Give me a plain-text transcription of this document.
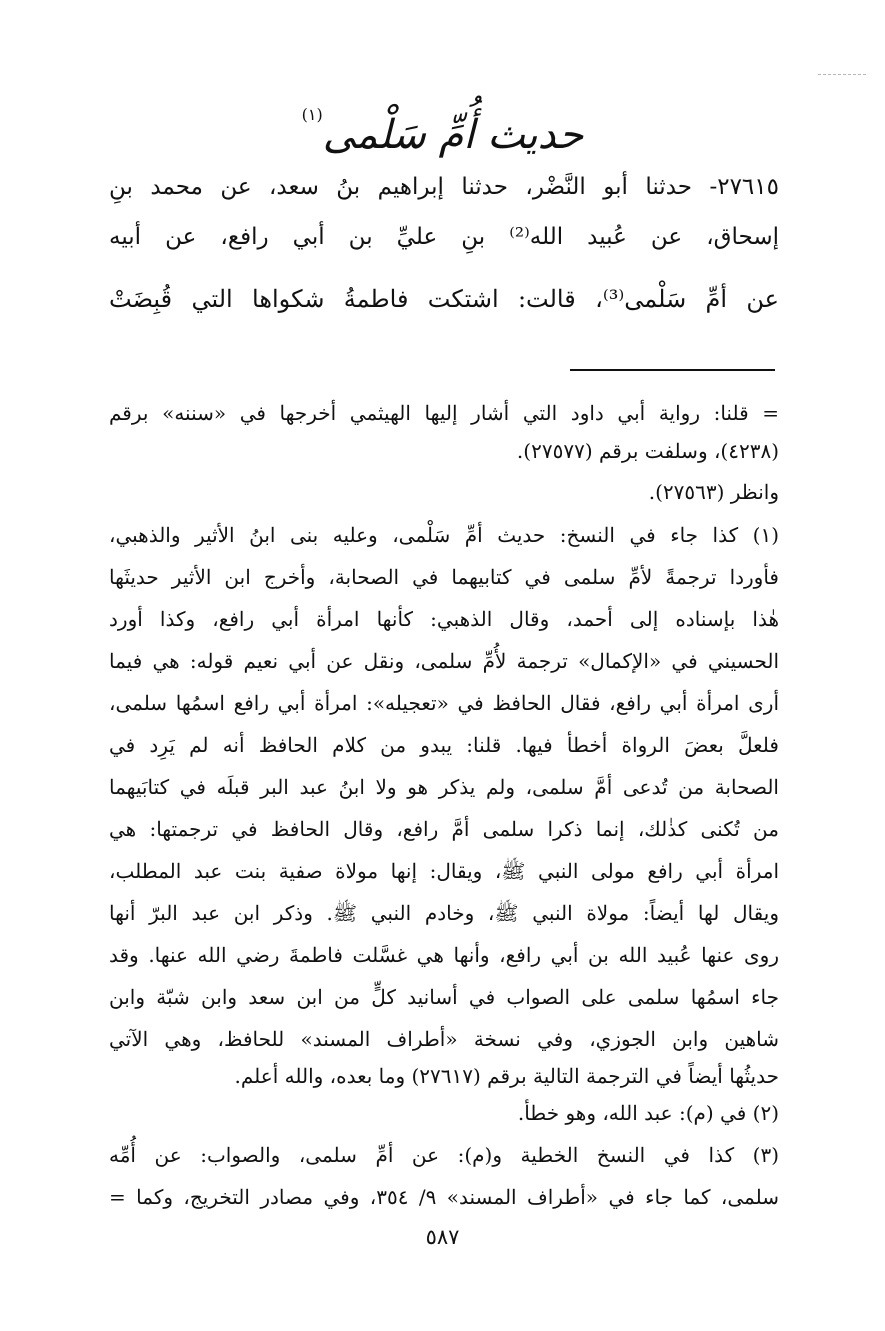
حديث أُمِّ سَلْمى$^{(١)}$

٢٧٦١٥- حدثنا أبو النَّضْر، حدثنا إبراهيم بنُ سعد، عن محمد بنِ

إسحاق، عن عُبيد الله⁽²⁾ بنِ عليِّ بن أبي رافع، عن أبيه

عن أمِّ سَلْمى⁽³⁾، قالت: اشتكت فاطمةُ شكواها التي قُبِضَتْ

= قلنا: رواية أبي داود التي أشار إليها الهيثمي أخرجها في «سننه» برقم

(٤٢٣٨)، وسلفت برقم (٢٧٥٧٧).

وانظر (٢٧٥٦٣).

(١) كذا جاء في النسخ: حديث أمِّ سَلْمى، وعليه بنى ابنُ الأثير والذهبي،

فأوردا ترجمةً لأمِّ سلمى في كتابيهما في الصحابة، وأخرج ابن الأثير حديثَها

هٰذا بإسناده إلى أحمد، وقال الذهبي: كأنها امرأة أبي رافع، وكذا أورد

الحسيني في «الإكمال» ترجمة لأُمِّ سلمى، ونقل عن أبي نعيم قوله: هي فيما

أرى امرأة أبي رافع، فقال الحافظ في «تعجيله»: امرأة أبي رافع اسمُها سلمى،

فلعلَّ بعضَ الرواة أخطأ فيها. قلنا: يبدو من كلام الحافظ أنه لم يَرِد في

الصحابة من تُدعى أمَّ سلمى، ولم يذكر هو ولا ابنُ عبد البر قبلَه في كتابَيهما

من تُكنى كذٰلك، إنما ذكرا سلمى أمَّ رافع، وقال الحافظ في ترجمتها: هي

امرأة أبي رافع مولى النبي ﷺ، ويقال: إنها مولاة صفية بنت عبد المطلب،

ويقال لها أيضاً: مولاة النبي ﷺ، وخادم النبي ﷺ. وذكر ابن عبد البرّ أنها

روى عنها عُبيد الله بن أبي رافع، وأنها هي غسَّلت فاطمةَ رضي الله عنها. وقد

جاء اسمُها سلمى على الصواب في أسانيد كلٍّ من ابن سعد وابن شبّة وابن

شاهين وابن الجوزي، وفي نسخة «أطراف المسند» للحافظ، وهي الآتي

حديثُها أيضاً في الترجمة التالية برقم (٢٧٦١٧) وما بعده، والله أعلم.

(٢) في (م): عبد الله، وهو خطأ.

(٣) كذا في النسخ الخطية و(م): عن أمِّ سلمى، والصواب: عن أُمِّه

سلمى، كما جاء في «أطراف المسند» ٩/ ٣٥٤، وفي مصادر التخريج، وكما =

٥٨٧
